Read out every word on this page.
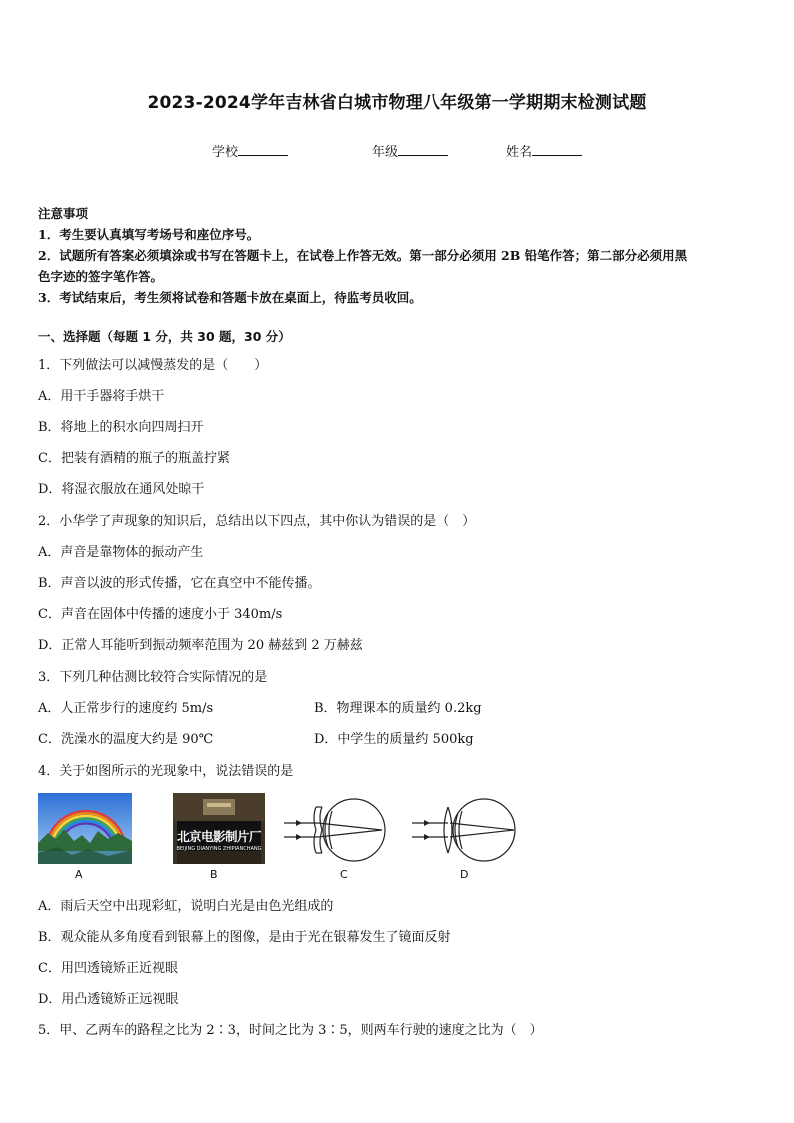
2023-2024学年吉林省白城市物理八年级第一学期期末检测试题
学校	年级	姓名
注意事项
1．考生要认真填写考场号和座位序号。
2．试题所有答案必须填涂或书写在答题卡上，在试卷上作答无效。第一部分必须用 2B 铅笔作答；第二部分必须用黑
色字迹的签字笔作答。
3．考试结束后，考生须将试卷和答题卡放在桌面上，待监考员收回。
一、选择题（每题 1 分，共 30 题，30 分）
1．下列做法可以减慢蒸发的是（　　）
A．用干手器将手烘干
B．将地上的积水向四周扫开
C．把装有酒精的瓶子的瓶盖拧紧
D．将湿衣服放在通风处晾干
2．小华学了声现象的知识后，总结出以下四点，其中你认为错误的是（　）
A．声音是靠物体的振动产生
B．声音以波的形式传播，它在真空中不能传播。
C．声音在固体中传播的速度小于 340m/s
D．正常人耳能听到振动频率范围为 20 赫兹到 2 万赫兹
3．下列几种估测比较符合实际情况的是
A．人正常步行的速度约 5m/s	B．物理课本的质量约 0.2kg
C．洗澡水的温度大约是 90℃	D．中学生的质量约 500kg
4．关于如图所示的光现象中，说法错误的是
A
北京电影制片厂
BEIJING DIANYING ZHIPIANCHANG
B	C	D
A．雨后天空中出现彩虹，说明白光是由色光组成的
B．观众能从多角度看到银幕上的图像，是由于光在银幕发生了镜面反射
C．用凹透镜矫正近视眼
D．用凸透镜矫正远视眼
5．甲、乙两车的路程之比为 2∶3，时间之比为 3∶5，则两车行驶的速度之比为（　）
